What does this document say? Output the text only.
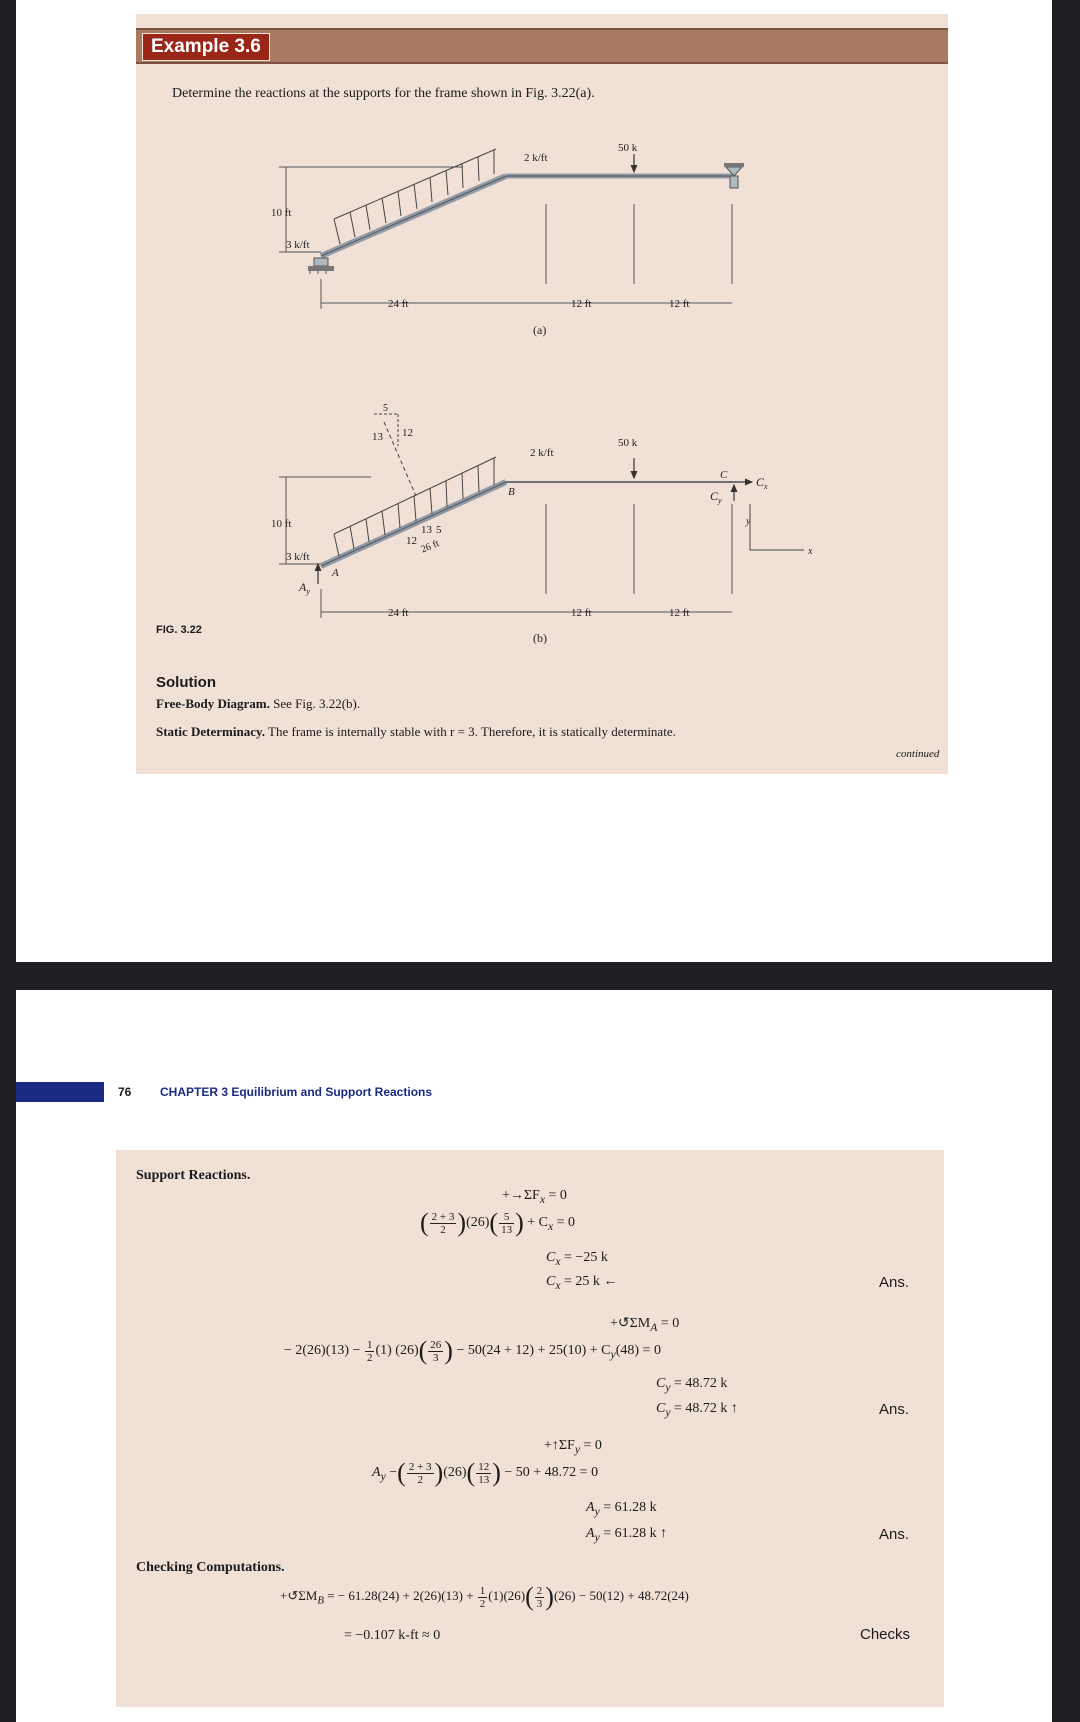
Example 3.6
Determine the reactions at the supports for the frame shown in Fig. 3.22(a).
24 ft	12 ft	12 ft
10 ft
3 k/ft
2 k/ft
50 k
(a)
5
13 12
13 5
12 26 ft
$A_y$
A
B
C $C_x$
$C_y$
y
x
24 ft	12 ft	12 ft
10 ft
3 k/ft
2 k/ft
50 k
(b)
FIG. 3.22
Solution
Free-Body Diagram. See Fig. 3.22(b).
Static Determinacy. The frame is internally stable with r = 3. Therefore, it is statically determinate.
continued
76 CHAPTER 3 Equilibrium and Support Reactions
Support Reactions.
$+\to\Sigma F_x = 0$
( $\frac{2 + 3}{2} )(26)( \frac{5}{13}$ ) + $C_x = 0$
$C_x = -25$ k
$C_x = 25$ k ←	Ans.
$+↺\Sigma M_A = 0$
− $2(26)(13) - \frac{1}{2} (1)$ $(26)( \frac{26}{3}$ ) − $50(24 + 12) + 25(10) + C_y(48) = 0$
$C_y = 48.72$ k
$C_y = 48.72$ k ↑	Ans.
$+↑\Sigma F_y = 0$
$A_y$ −( $\frac{2 + 3}{2} )(26)( \frac{12}{13}$ ) − 50 + 48.72 = 0
$A_y = 61.28$ k
$A_y = 61.28$ k ↑	Ans.
Checking Computations.
$+↺\Sigma M_B$ = − $61.28(24) + 2(26)(13) + \frac{1}{2} (1)(26)( \frac{2}{3} )(26) - 50(12) + 48.72(24)$
= −0.107 k-ft ≈ 0	Checks
